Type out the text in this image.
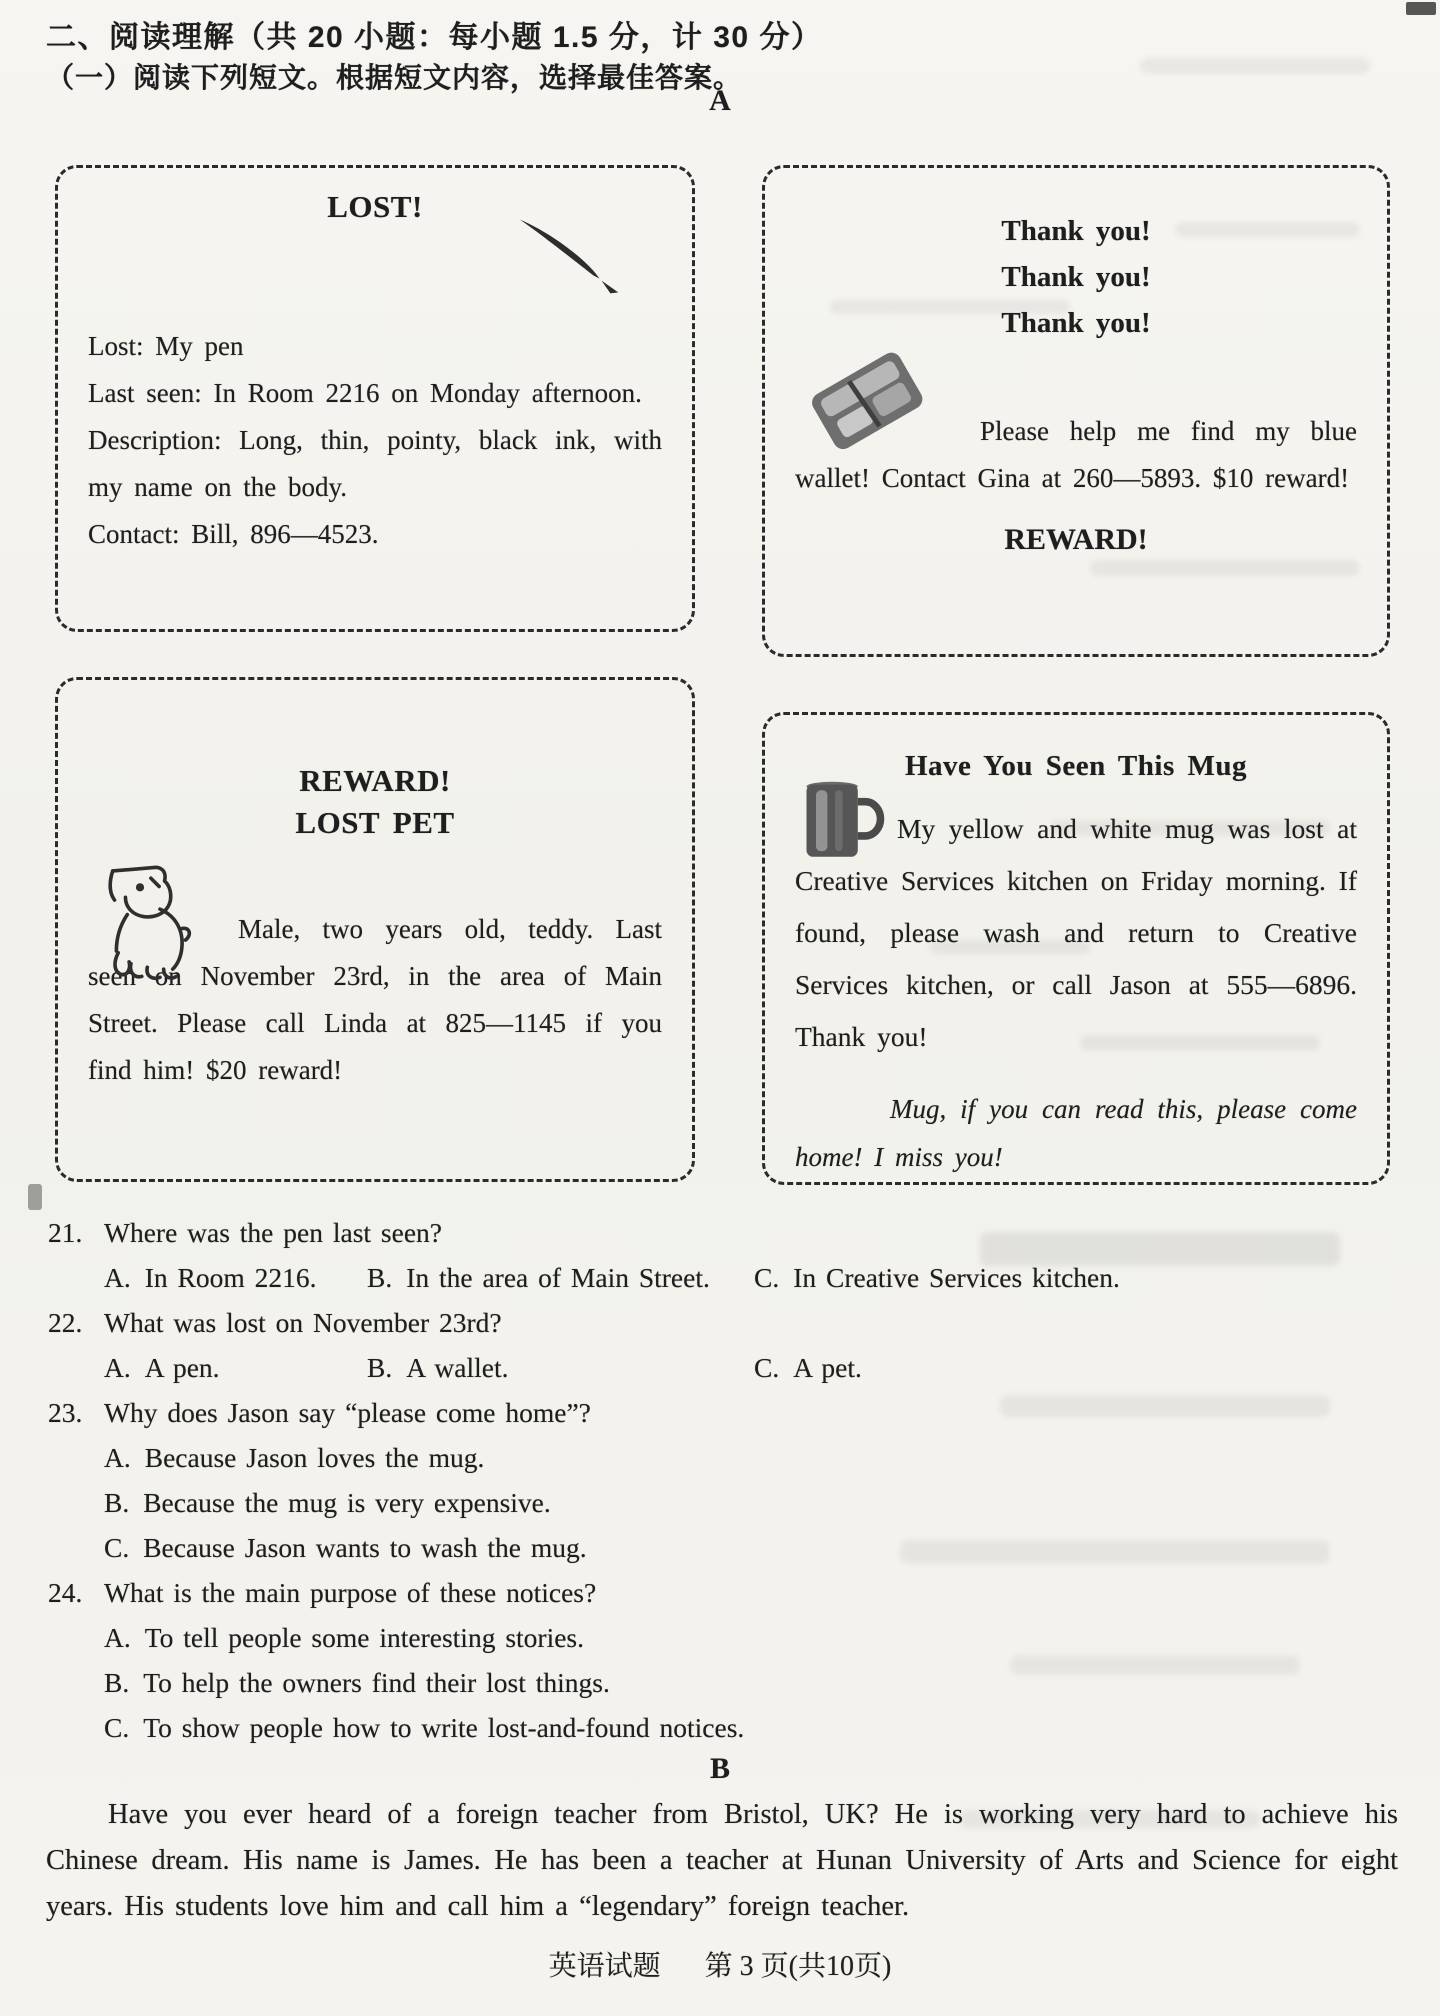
二、阅读理解（共 20 小题：每小题 1.5 分，计 30 分）
（一）阅读下列短文。根据短文内容，选择最佳答案。
A
LOST!

Lost: My pen

Last seen: In Room 2216 on Monday afternoon.

Description: Long, thin, pointy, black ink, with my name on the body.

Contact: Bill, 896—4523.

Thank you!
Thank you!
Thank you!

Please help me find my blue wallet! Contact Gina at 260—5893. $10 reward!

REWARD!
REWARD!
LOST PET

Male, two years old, teddy. Last seen on November 23rd, in the area of Main Street. Please call Linda at 825—1145 if you find him! $20 reward!

Have You Seen This Mug

My yellow and white mug was lost at Creative Services kitchen on Friday morning. If found, please wash and return to Creative Services kitchen, or call Jason at 555—6896. Thank you!

Mug, if you can read this, please come home! I miss you!

21. Where was the pen last seen?
A. In Room 2216.	B. In the area of Main Street.	C. In Creative Services kitchen.
22. What was lost on November 23rd?
A. A pen.	B. A wallet.	C. A pet.
23. Why does Jason say “please come home”?
A. Because Jason loves the mug.
B. Because the mug is very expensive.
C. Because Jason wants to wash the mug.
24. What is the main purpose of these notices?
A. To tell people some interesting stories.
B. To help the owners find their lost things.
C. To show people how to write lost-and-found notices.
B
Have you ever heard of a foreign teacher from Bristol, UK? He is working very hard to achieve his Chinese dream. His name is James. He has been a teacher at Hunan University of Arts and Science for eight years. His students love him and call him a “legendary” foreign teacher.
英语试题 第 3 页(共10页)
